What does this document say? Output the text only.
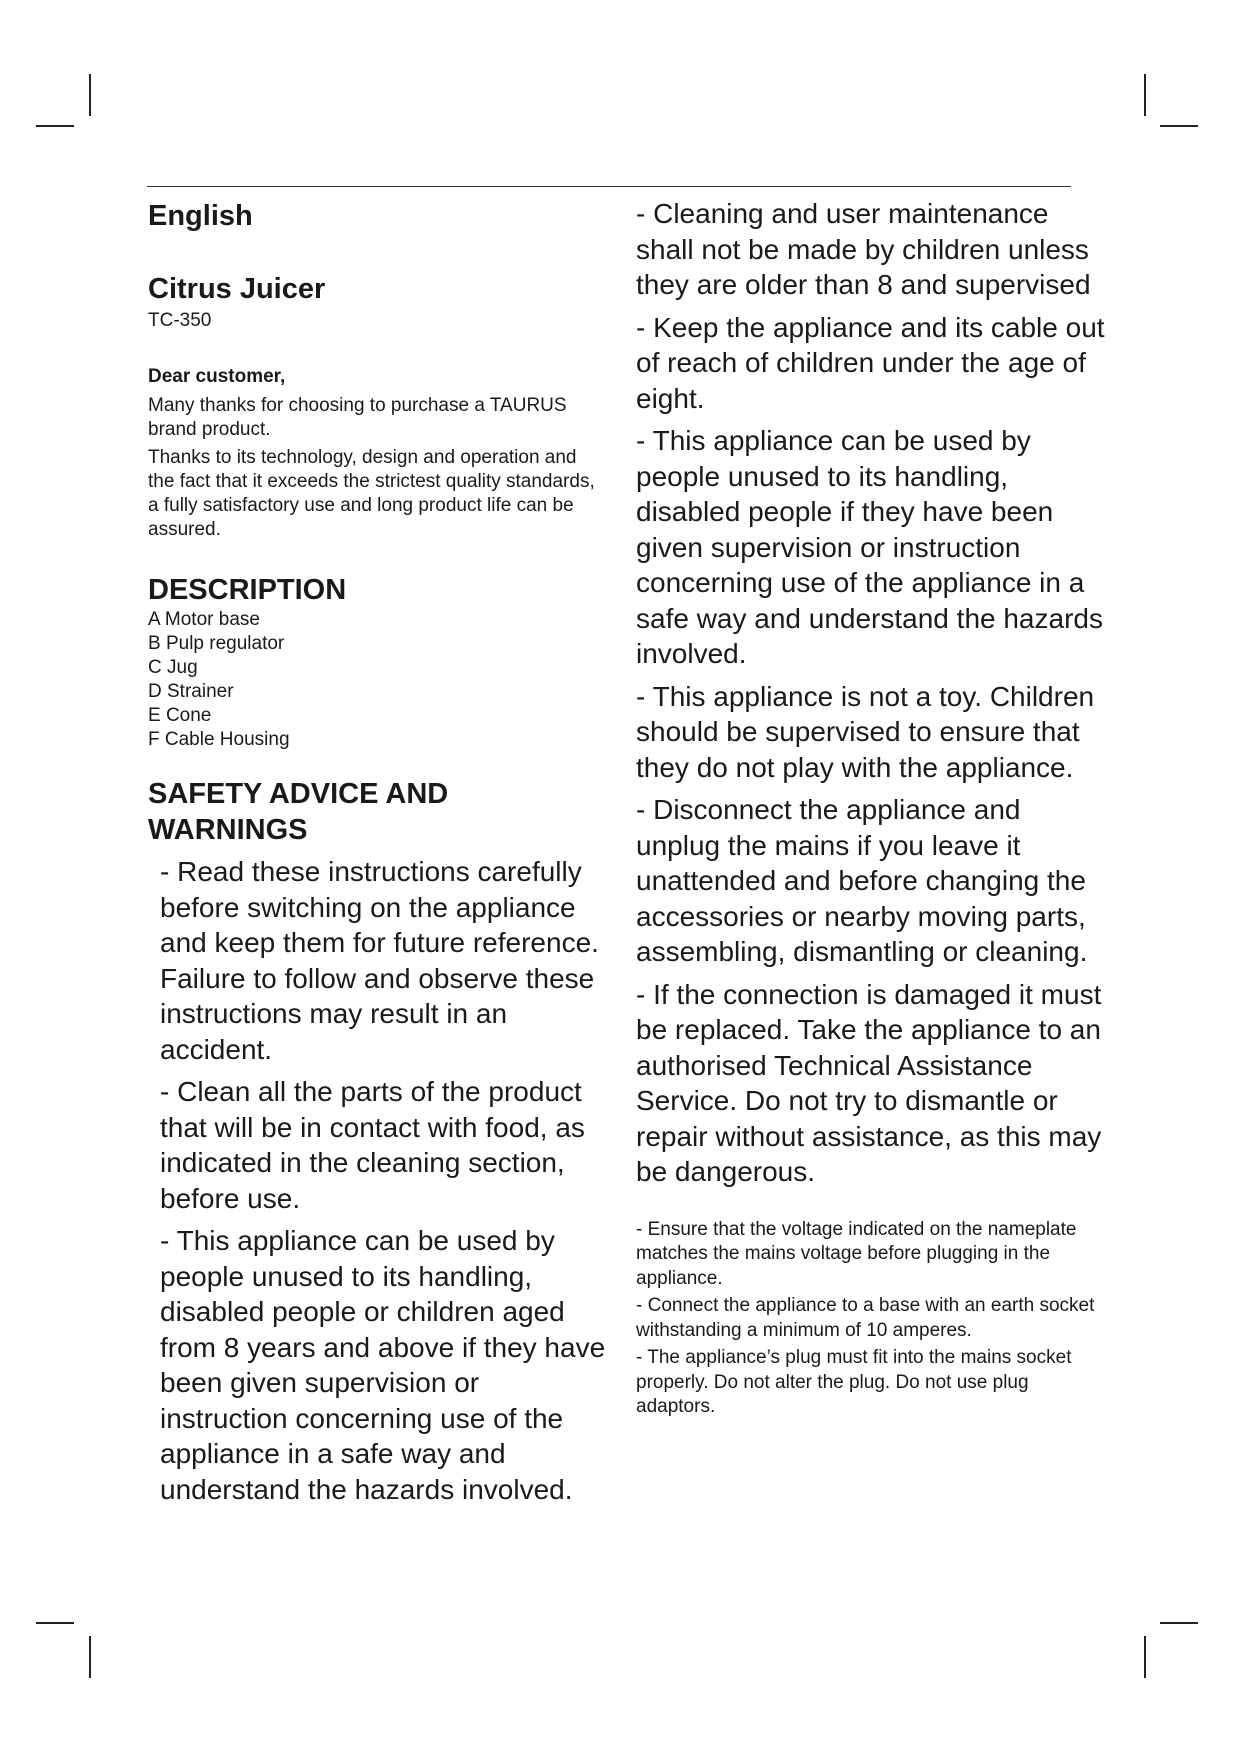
English
Citrus Juicer
TC-350
Dear customer,

Many thanks for choosing to purchase a TAURUS brand product.

Thanks to its technology, design and operation and the fact that it exceeds the strictest quality standards, a fully satisfactory use and long product life can be assured.

DESCRIPTION

A Motor base

B Pulp regulator

C Jug

D Strainer

E Cone

F Cable Housing

SAFETY ADVICE AND WARNINGS

- Read these instructions carefully before switching on the appliance and keep them for future reference. Failure to follow and observe these instructions may result in an accident.

- Clean all the parts of the product that will be in contact with food, as indicated in the cleaning section, before use.

- This appliance can be used by people unused to its handling, disabled people or children aged from 8 years and above if they have been given supervision or instruction concerning use of the appliance in a safe way and understand the hazards involved.

- Cleaning and user maintenance shall not be made by children unless they are older than 8 and supervised

- Keep the appliance and its cable out of reach of children under the age of eight.

- This appliance can be used by people unused to its handling, disabled people if they have been given supervision or instruction concerning use of the appliance in a safe way and understand the hazards involved.

- This appliance is not a toy. Children should be supervised to ensure that they do not play with the appliance.

- Disconnect the appliance and unplug the mains if you leave it unattended and before changing the accessories or nearby moving parts, assembling, dismantling or cleaning.

- If the connection is damaged it must be replaced. Take the appliance to an authorised Technical Assistance Service. Do not try to dismantle or repair without assistance, as this may be dangerous.

- Ensure that the voltage indicated on the nameplate matches the mains voltage before plugging in the appliance.

- Connect the appliance to a base with an earth socket withstanding a minimum of 10 amperes.

- The appliance’s plug must fit into the mains socket properly. Do not alter the plug. Do not use plug adaptors.
